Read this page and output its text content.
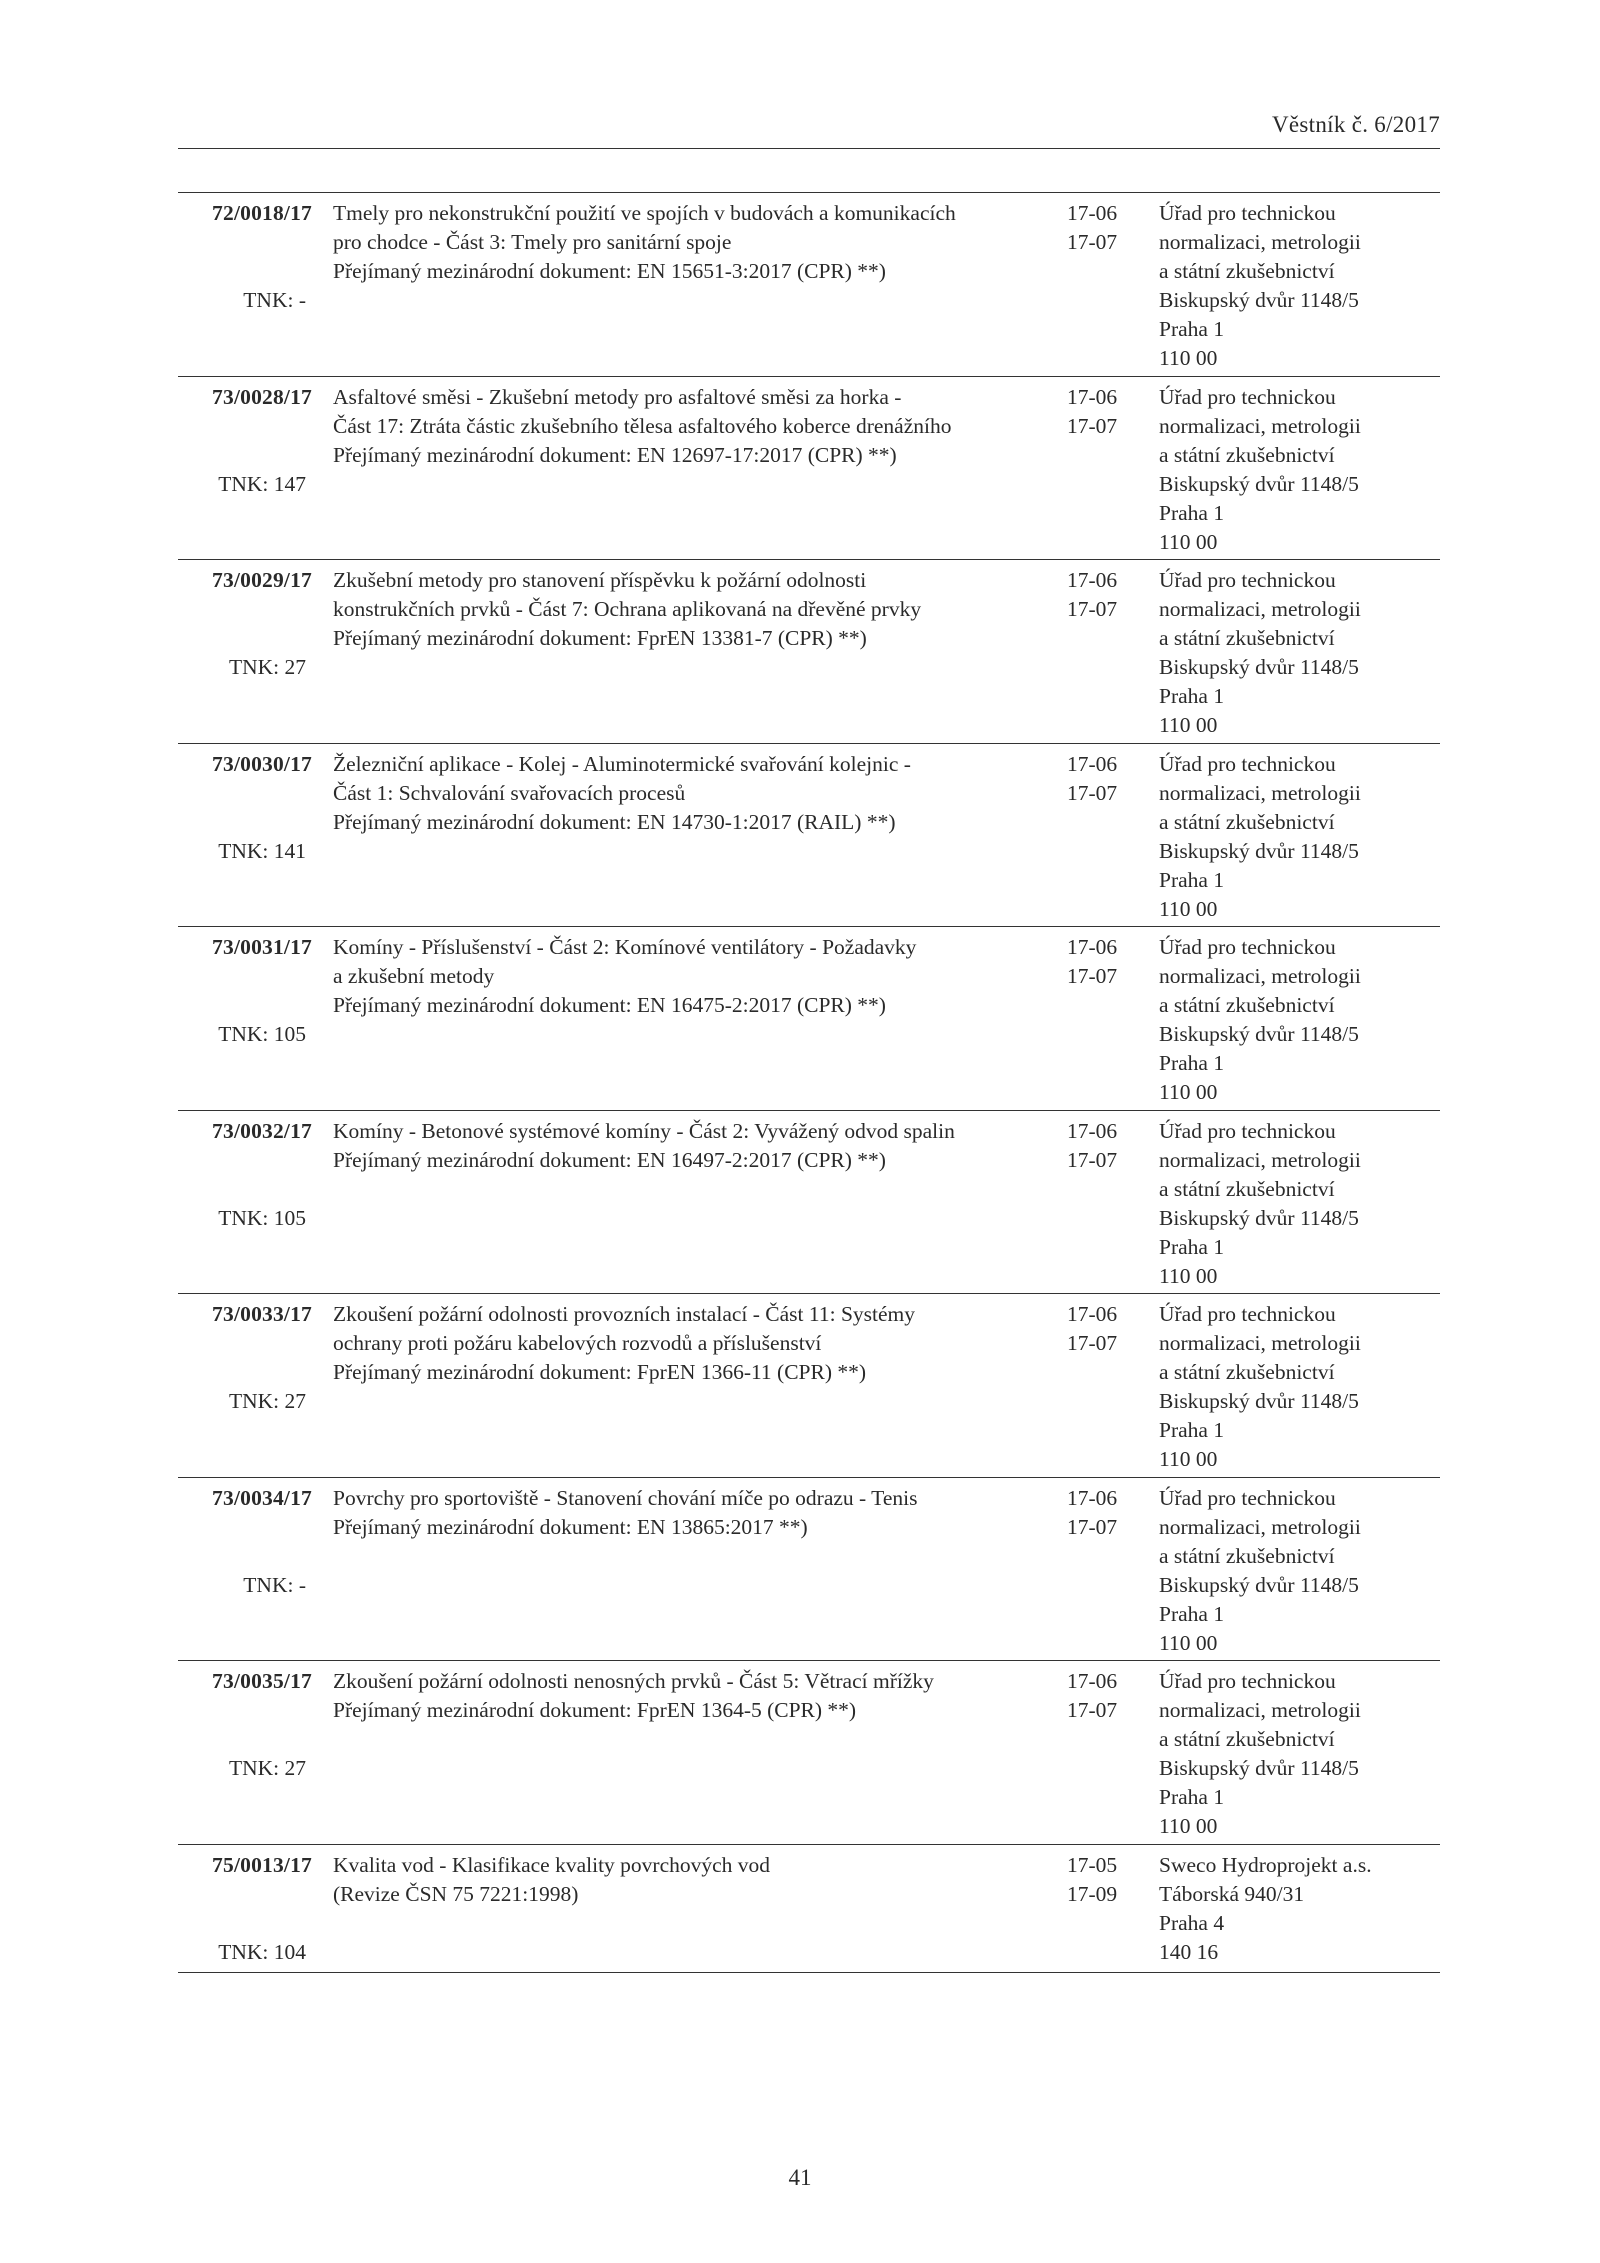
Věstník č. 6/2017
72/0018/17
TNK: -
Tmely pro nekonstrukční použití ve spojích v budovách a komunikacích
pro chodce - Část 3: Tmely pro sanitární spoje
Přejímaný mezinárodní dokument: EN 15651-3:2017 (CPR) **)
17-06
17-07
Úřad pro technickou
normalizaci, metrologii
a státní zkušebnictví
Biskupský dvůr 1148/5
Praha 1
110 00
73/0028/17
TNK: 147
Asfaltové směsi - Zkušební metody pro asfaltové směsi za horka -
Část 17: Ztráta částic zkušebního tělesa asfaltového koberce drenážního
Přejímaný mezinárodní dokument: EN 12697-17:2017 (CPR) **)
17-06
17-07
Úřad pro technickou
normalizaci, metrologii
a státní zkušebnictví
Biskupský dvůr 1148/5
Praha 1
110 00
73/0029/17
TNK: 27
Zkušební metody pro stanovení příspěvku k požární odolnosti
konstrukčních prvků - Část 7: Ochrana aplikovaná na dřevěné prvky
Přejímaný mezinárodní dokument: FprEN 13381-7 (CPR) **)
17-06
17-07
Úřad pro technickou
normalizaci, metrologii
a státní zkušebnictví
Biskupský dvůr 1148/5
Praha 1
110 00
73/0030/17
TNK: 141
Železniční aplikace - Kolej - Aluminotermické svařování kolejnic -
Část 1: Schvalování svařovacích procesů
Přejímaný mezinárodní dokument: EN 14730-1:2017 (RAIL) **)
17-06
17-07
Úřad pro technickou
normalizaci, metrologii
a státní zkušebnictví
Biskupský dvůr 1148/5
Praha 1
110 00
73/0031/17
TNK: 105
Komíny - Příslušenství - Část 2: Komínové ventilátory - Požadavky
a zkušební metody
Přejímaný mezinárodní dokument: EN 16475-2:2017 (CPR) **)
17-06
17-07
Úřad pro technickou
normalizaci, metrologii
a státní zkušebnictví
Biskupský dvůr 1148/5
Praha 1
110 00
73/0032/17
TNK: 105
Komíny - Betonové systémové komíny - Část 2: Vyvážený odvod spalin
Přejímaný mezinárodní dokument: EN 16497-2:2017 (CPR) **)
17-06
17-07
Úřad pro technickou
normalizaci, metrologii
a státní zkušebnictví
Biskupský dvůr 1148/5
Praha 1
110 00
73/0033/17
TNK: 27
Zkoušení požární odolnosti provozních instalací - Část 11: Systémy
ochrany proti požáru kabelových rozvodů a příslušenství
Přejímaný mezinárodní dokument: FprEN 1366-11 (CPR) **)
17-06
17-07
Úřad pro technickou
normalizaci, metrologii
a státní zkušebnictví
Biskupský dvůr 1148/5
Praha 1
110 00
73/0034/17
TNK: -
Povrchy pro sportoviště - Stanovení chování míče po odrazu - Tenis
Přejímaný mezinárodní dokument: EN 13865:2017 **)
17-06
17-07
Úřad pro technickou
normalizaci, metrologii
a státní zkušebnictví
Biskupský dvůr 1148/5
Praha 1
110 00
73/0035/17
TNK: 27
Zkoušení požární odolnosti nenosných prvků - Část 5: Větrací mřížky
Přejímaný mezinárodní dokument: FprEN 1364-5 (CPR) **)
17-06
17-07
Úřad pro technickou
normalizaci, metrologii
a státní zkušebnictví
Biskupský dvůr 1148/5
Praha 1
110 00
75/0013/17
TNK: 104
Kvalita vod - Klasifikace kvality povrchových vod
(Revize ČSN 75 7221:1998)
17-05
17-09
Sweco Hydroprojekt a.s.
Táborská 940/31
Praha 4
140 16
41
